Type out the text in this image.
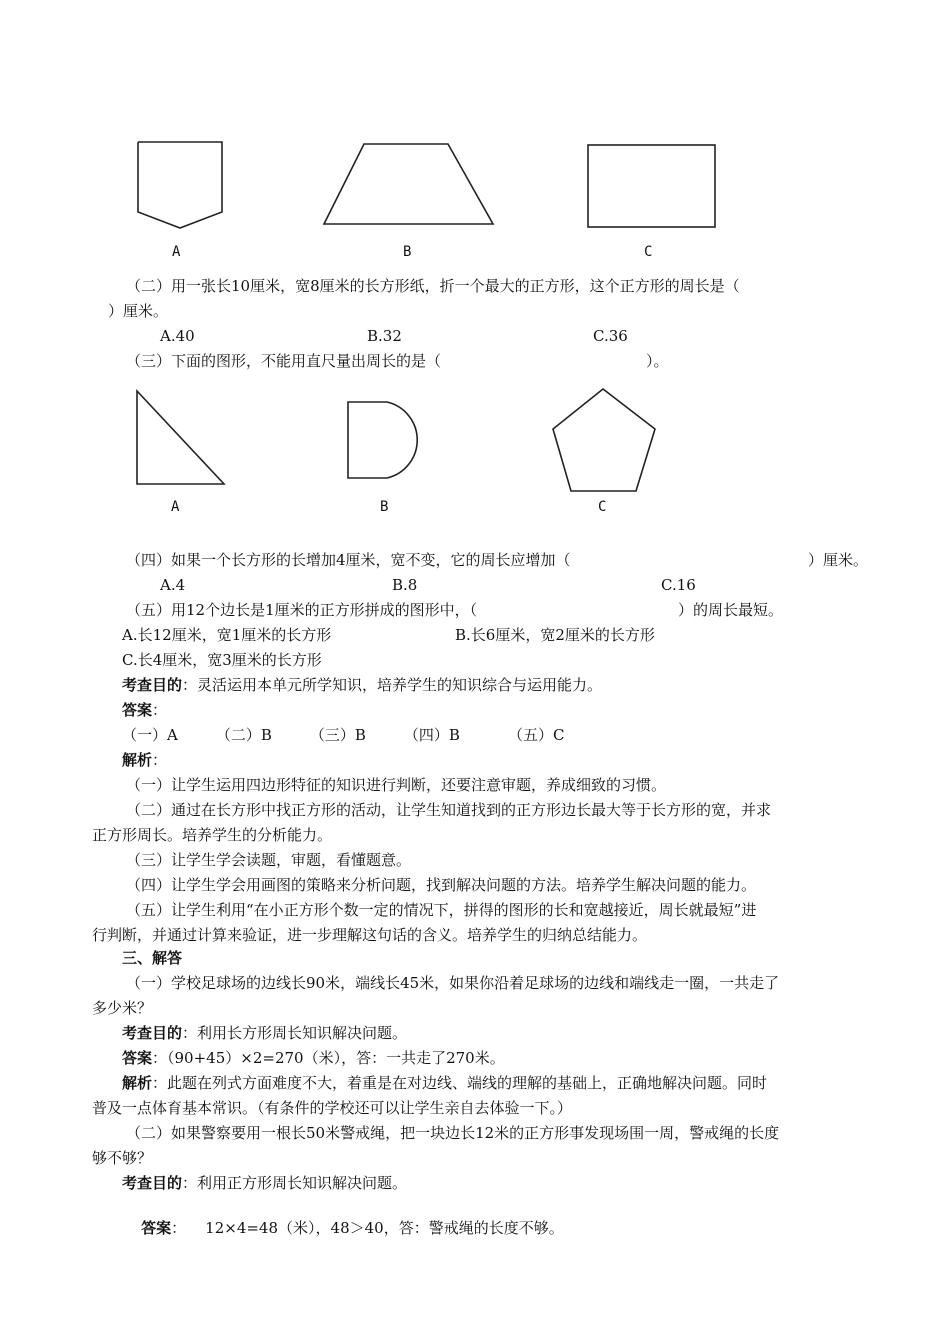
A	B	C
（二）用一张长10厘米，宽8厘米的长方形纸，折一个最大的正方形，这个正方形的周长是（
）厘米。
A.40	B.32	C.36
（三）下面的图形，不能用直尺量出周长的是（	）。
A	B	C
（四）如果一个长方形的长增加4厘米，宽不变，它的周长应增加（	）厘米。
A.4	B.8	C.16
（五）用12个边长是1厘米的正方形拼成的图形中，（	）的周长最短。
A.长12厘米，宽1厘米的长方形	B.长6厘米，宽2厘米的长方形
C.长4厘米，宽3厘米的长方形
考查目的：灵活运用本单元所学知识，培养学生的知识综合与运用能力。
答案：
（一）A	（二）B	（三）B	（四）B	（五）C
解析：
（一）让学生运用四边形特征的知识进行判断，还要注意审题，养成细致的习惯。
（二）通过在长方形中找正方形的活动，让学生知道找到的正方形边长最大等于长方形的宽，并求
正方形周长。培养学生的分析能力。
（三）让学生学会读题，审题，看懂题意。
（四）让学生学会用画图的策略来分析问题，找到解决问题的方法。培养学生解决问题的能力。
（五）让学生利用“在小正方形个数一定的情况下，拼得的图形的长和宽越接近，周长就最短”进
行判断，并通过计算来验证，进一步理解这句话的含义。培养学生的归纳总结能力。
三、解答
（一）学校足球场的边线长90米，端线长45米，如果你沿着足球场的边线和端线走一圈，一共走了
多少米？
考查目的：利用长方形周长知识解决问题。
答案：（90+45）×2=270（米），答：一共走了270米。
解析：此题在列式方面难度不大，着重是在对边线、端线的理解的基础上，正确地解决问题。同时
普及一点体育基本常识。（有条件的学校还可以让学生亲自去体验一下。）
（二）如果警察要用一根长50米警戒绳，把一块边长12米的正方形事发现场围一周，警戒绳的长度
够不够？
考查目的：利用正方形周长知识解决问题。

答案：    12×4=48（米），48＞40，答：警戒绳的长度不够。
